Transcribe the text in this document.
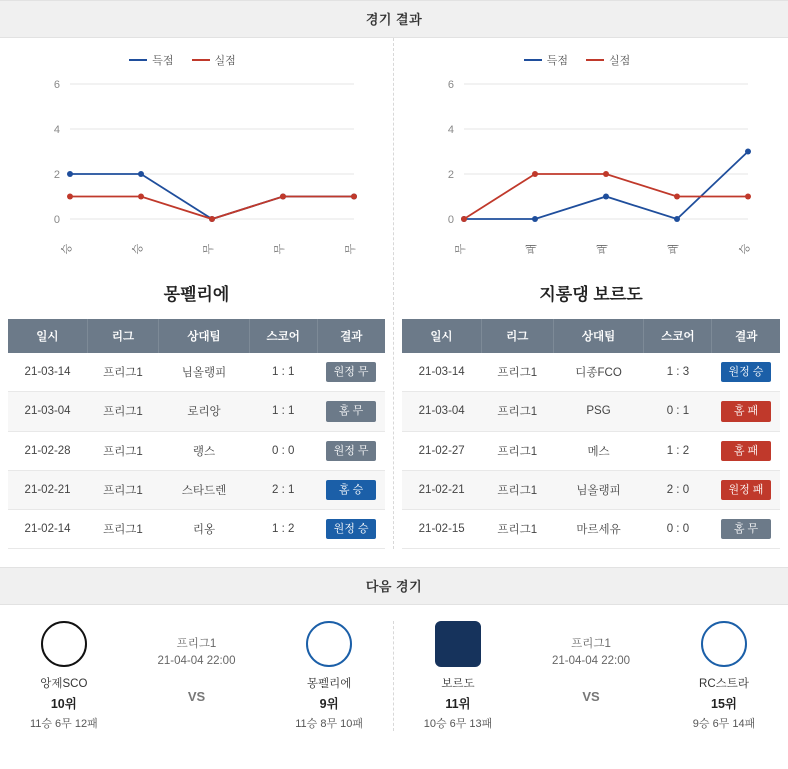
경기 결과
득점	실점
0
2
4
6
승	승	무	무	무
몽펠리에
일시	리그	상대팀	스코어	결과
21-03-14	프리그1	님올랭피	1 : 1	원정 무
21-03-04	프리그1	로리앙	1 : 1	홈 무
21-02-28	프리그1	랭스	0 : 0	원정 무
21-02-21	프리그1	스타드렌	2 : 1	홈 승
21-02-14	프리그1	리옹	1 : 2	원정 승
득점	실점
0
2
4
6
무	패	패	패	승
지롱댕 보르도
일시	리그	상대팀	스코어	결과
21-03-14	프리그1	디종FCO	1 : 3	원정 승
21-03-04	프리그1	PSG	0 : 1	홈 패
21-02-27	프리그1	메스	1 : 2	홈 패
21-02-21	프리그1	님올랭피	2 : 0	원정 패
21-02-15	프리그1	마르세유	0 : 0	홈 무
다음 경기
앙제SCO
10위
11승 6무 12패
프리그1
21-04-04 22:00
VS
몽펠리에
9위
11승 8무 10패
보르도
11위
10승 6무 13패
프리그1
21-04-04 22:00
VS
RC스트라
15위
9승 6무 14패
